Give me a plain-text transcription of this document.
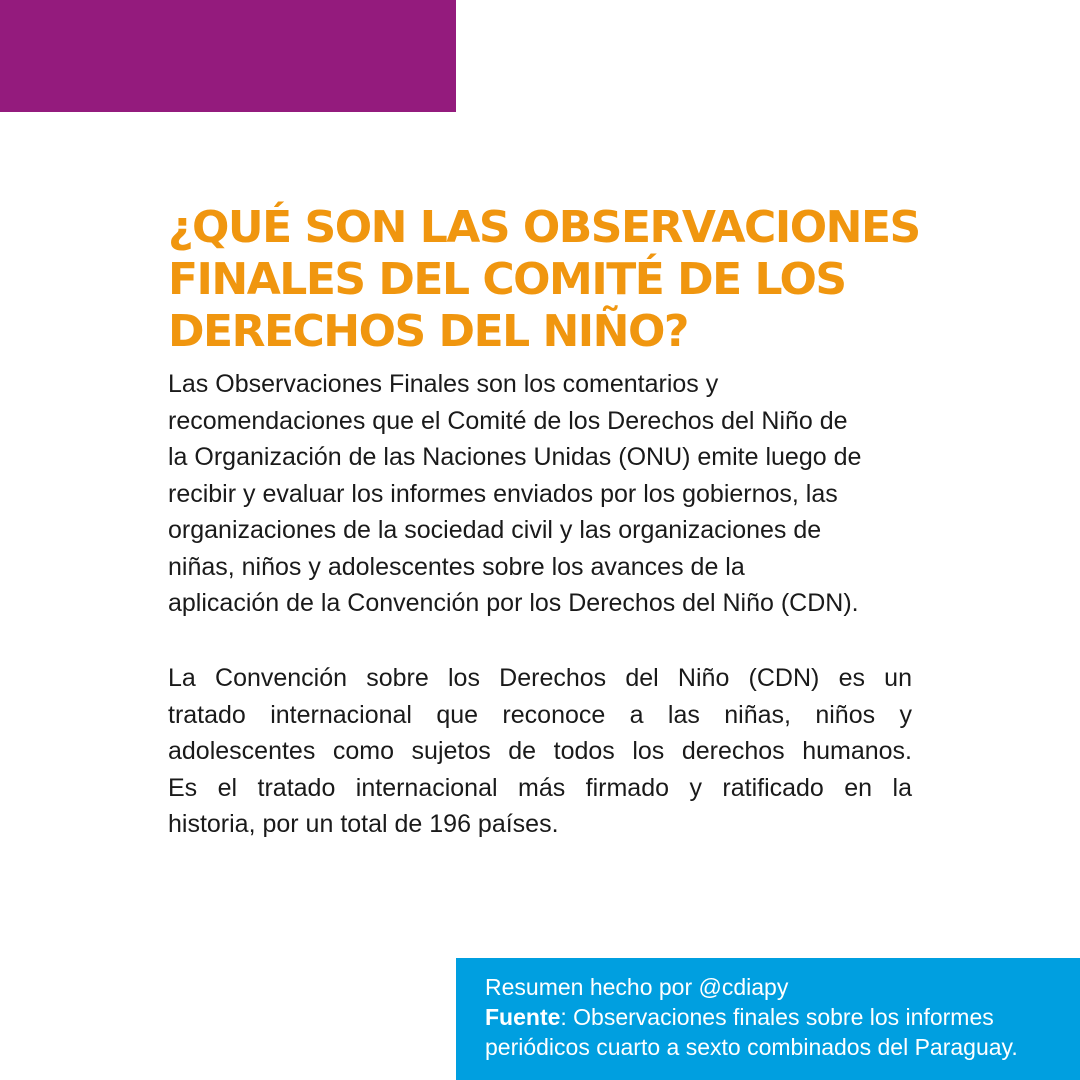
¿QUÉ SON LAS OBSERVACIONES
FINALES DEL COMITÉ DE LOS
DERECHOS DEL NIÑO?
Las Observaciones Finales son los comentarios y
recomendaciones que el Comité de los Derechos del Niño de
la Organización de las Naciones Unidas (ONU) emite luego de
recibir y evaluar los informes enviados por los gobiernos, las
organizaciones de la sociedad civil y las organizaciones de
niñas, niños y adolescentes sobre los avances de la
aplicación de la Convención por los Derechos del Niño (CDN).
La Convención sobre los Derechos del Niño (CDN) es un
tratado internacional que reconoce a las niñas, niños y
adolescentes como sujetos de todos los derechos humanos.
Es el tratado internacional más firmado y ratificado en la
historia, por un total de 196 países.
Resumen hecho por @cdiapy
Fuente: Observaciones finales sobre los informes
periódicos cuarto a sexto combinados del Paraguay.
